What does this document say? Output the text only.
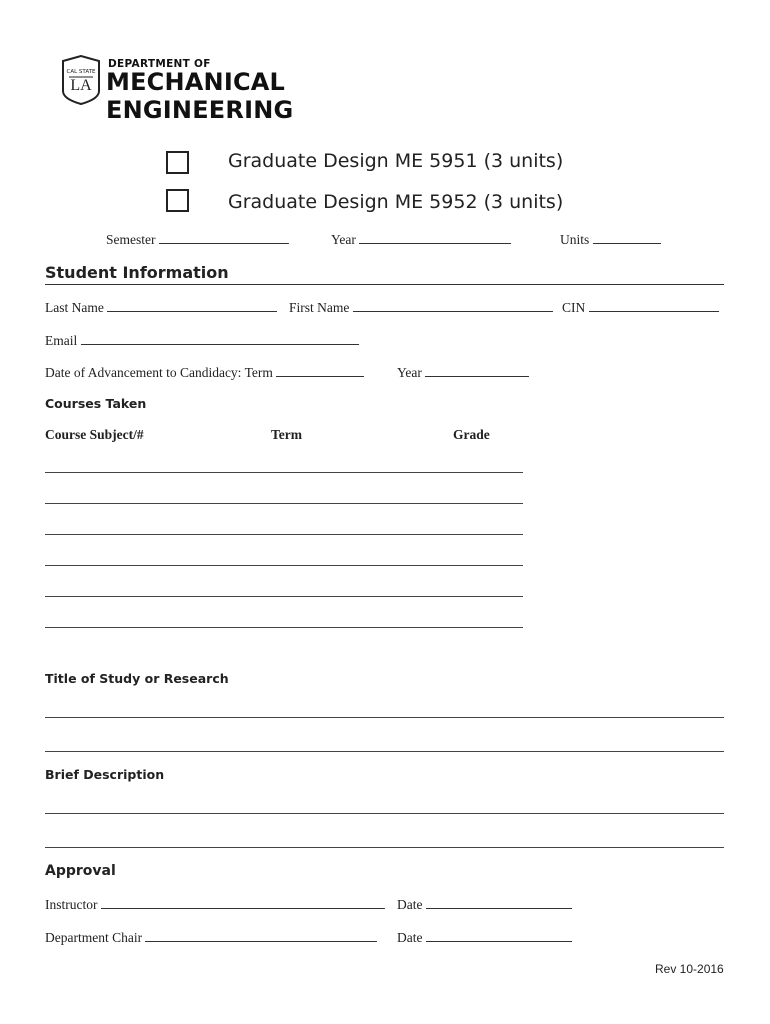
CAL STATE
LA
DEPARTMENT OF
MECHANICAL
ENGINEERING
Graduate Design ME 5951 (3 units)
Graduate Design ME 5952 (3 units)
Semester	Year	Units
Student Information
Last Name	First Name	CIN
Email
Date of Advancement to Candidacy: Term	Year
Courses Taken
Course Subject/#	Term	Grade
Title of Study or Research
Brief Description
Approval
Instructor	Date
Department Chair	Date
Rev 10-2016
